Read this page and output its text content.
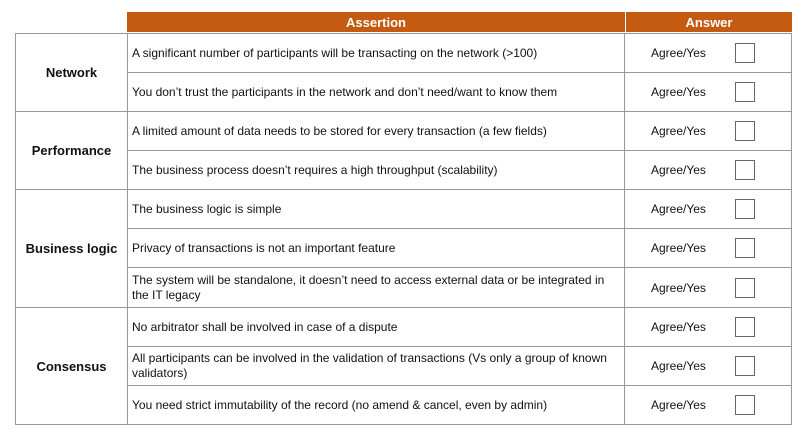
Assertion	Answer
Network
A significant number of participants will be transacting on the network (>100)	Agree/Yes
You don’t trust the participants in the network and don’t need/want to know them	Agree/Yes
Performance
A limited amount of data needs to be stored for every transaction (a few fields)	Agree/Yes
The business process doesn’t requires a high throughput (scalability)	Agree/Yes
Business logic
The business logic is simple	Agree/Yes
Privacy of transactions is not an important feature	Agree/Yes
The system will be standalone, it doesn’t need to access external data or be integrated in the IT legacy	Agree/Yes
Consensus
No arbitrator shall be involved in case of a dispute	Agree/Yes
All participants can be involved in the validation of transactions (Vs only a group of known validators)	Agree/Yes
You need strict immutability of the record (no amend & cancel, even by admin)	Agree/Yes
